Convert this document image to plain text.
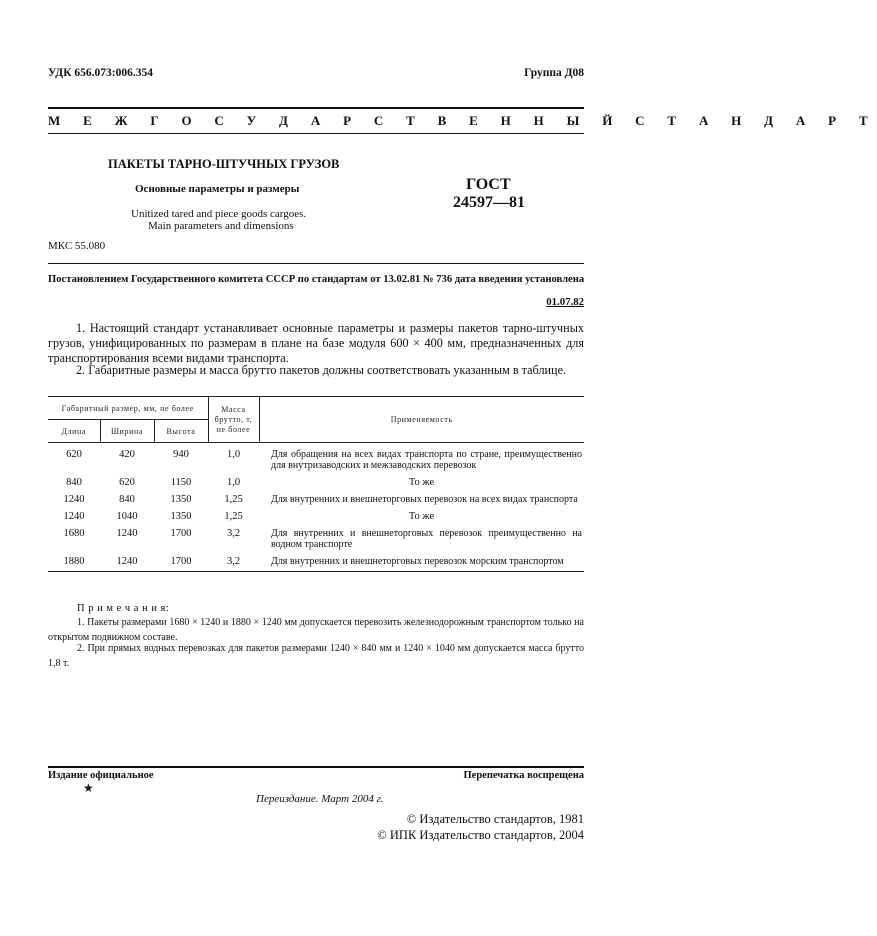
УДК 656.073:006.354	Группа Д08
М Е Ж Г О С У Д А Р С Т В Е Н Н Ы Й С Т А Н Д А Р Т
ПАКЕТЫ ТАРНО-ШТУЧНЫХ ГРУЗОВ
Основные параметры и размеры
Unitized tared and piece goods cargoes.
Main parameters and dimensions
ГОСТ
24597—81
МКС 55.080
Постановлением Государственного комитета СССР по стандартам от 13.02.81 № 736 дата введения установлена
01.07.82
1. Настоящий стандарт устанавливает основные параметры и размеры пакетов тарно-штучных грузов, унифицированных по размерам в плане на базе модуля 600 × 400 мм, предназначенных для транспортирования всеми видами транспорта.
2. Габаритные размеры и масса брутто пакетов должны соответствовать указанным в таблице.
Габаритный размер, мм, не более			Масса брутто, т, не более	Применяемость
Длина	Ширина	Высота		
620	420	940	1,0	Для обращения на всех видах транспорта по стране, преимущественно для внутризаводских и межзаводских перевозок
840	620	1150	1,0	То же
1240	840	1350	1,25	Для внутренних и внешнеторговых перевозок на всех видах транспорта
1240	1040	1350	1,25	То же
1680	1240	1700	3,2	Для внутренних и внешнеторговых перевозок преимущественно на водном транспорте
1880	1240	1700	3,2	Для внутренних и внешнеторговых перевозок морским транспортом
П р и м е ч а н и я:
1. Пакеты размерами 1680 × 1240 и 1880 × 1240 мм допускается перевозить железнодорожным транспортом только на открытом подвижном составе.
2. При прямых водных перевозках для пакетов размерами 1240 × 840 мм и 1240 × 1040 мм допускается масса брутто 1,8 т.
Издание официальное
★
Перепечатка воспрещена
Переиздание. Март 2004 г.
© Издательство стандартов, 1981
© ИПК Издательство стандартов, 2004
